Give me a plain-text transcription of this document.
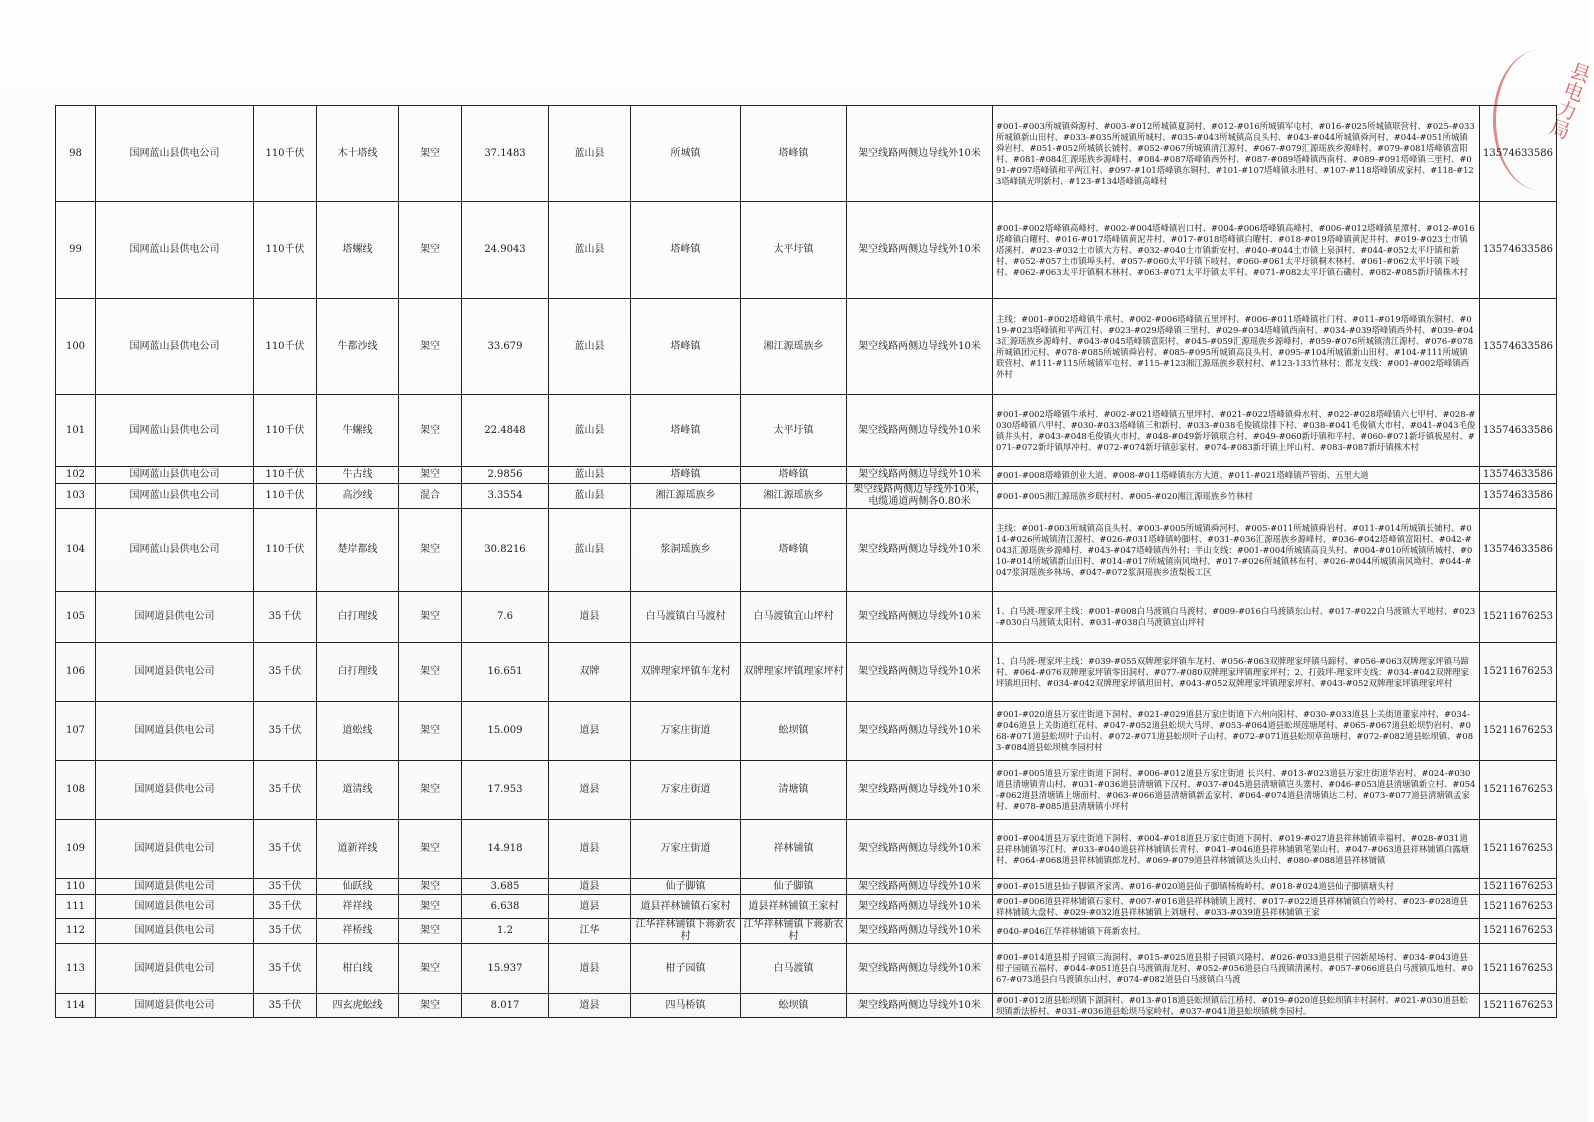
县电力局
98	国网蓝山县供电公司	110千伏	木十塔线	架空	37.1483	蓝山县	所城镇	塔峰镇	架空线路两侧边导线外10米	#001-#003所城镇舜源村、#003-#012所城镇夏洞村、#012-#016所城镇军屯村、#016-#025所城镇联营村、#025-#033所城镇新山田村、#033-#035所城镇所城村、#035-#043所城镇高良头村、#043-#044所城镇舜河村、#044-#051所城镇舜岩村、#051-#052所城镇长铺村、#052-#067所城镇清江源村、#067-#079汇源瑶族乡源峰村、#079-#081塔峰镇富阳村、#081-#084汇源瑶族乡源峰村、#084-#087塔峰镇西外村、#087-#089塔峰镇西南村、#089-#091塔峰镇三里村、#091-#097塔峰镇和平两江村、#097-#101塔峰镇东铜村、#101-#107塔峰镇永胜村、#107-#118塔峰镇成家村、#118-#123塔峰镇光明新村、#123-#134塔峰镇高峰村	13574633586
99	国网蓝山县供电公司	110千伏	塔螺线	架空	24.9043	蓝山县	塔峰镇	太平圩镇	架空线路两侧边导线外10米	#001-#002塔峰镇高峰村、#002-#004塔峰镇岩口村、#004-#006塔峰镇高峰村、#006-#012塔峰镇星潭村、#012-#016塔峰镇白曜村、#016-#017塔峰镇黄泥井村、#017-#018塔峰镇白曜村、#018-#019塔峰镇黄泥井村、#019-#023土市镇塔溪村、#023-#032土市镇大方村、#032-#040土市镇新安村、#040-#044土市镇上泉洞村、#044-#052太平圩镇和新村、#052-#057土市镇埠头村、#057-#060太平圩镇下岐村、#060-#061太平圩镇桐木林村、#061-#062太平圩镇下岐村、#062-#063太平圩镇桐木林村、#063-#071太平圩镇太平村、#071-#082太平圩镇石磡村、#082-#085新圩镇株木村	13574633586
100	国网蓝山县供电公司	110千伏	牛都沙线	架空	33.679	蓝山县	塔峰镇	湘江源瑶族乡	架空线路两侧边导线外10米	主线：#001-#002塔峰镇牛承村、#002-#006塔峰镇五里坪村、#006-#011塔峰镇社门村、#011-#019塔峰镇东铜村、#019-#023塔峰镇和平两江村、#023-#029塔峰镇三里村、#029-#034塔峰镇西南村、#034-#039塔峰镇西外村、#039-#043汇源瑶族乡源峰村、#043-#045塔峰镇富阳村、#045-#059汇源瑶族乡源峰村、#059-#076所城镇清江源村、#076-#078所城镇团元村、#078-#085所城镇舜岩村、#085-#095所城镇高良头村、#095-#104所城镇新山田村、#104-#111所城镇联营村、#111-#115所城镇军屯村、#115-#123湘江源瑶族乡联村村、#123-133竹林村；都龙支线：#001-#002塔峰镇西外村	13574633586
101	国网蓝山县供电公司	110千伏	牛螺线	架空	22.4848	蓝山县	塔峰镇	太平圩镇	架空线路两侧边导线外10米	#001-#002塔峰镇牛承村、#002-#021塔峰镇五里坪村、#021-#022塔峰镇舜水村、#022-#028塔峰镇六七甲村、#028-#030塔峰镇八甲村、#030-#033塔峰镇三和新村、#033-#038毛俊镇徐排下村、#038-#041毛俊镇大市村、#041-#043毛俊镇井头村、#043-#048毛俊镇火市村、#048-#049新圩镇联合村、#049-#060新圩镇和平村、#060-#071新圩镇板屋村、#071-#072新圩镇厚冲村、#072-#074新圩镇彭家村、#074-#083新圩镇上坪山村、#083-#087新圩镇株木村	13574633586
102	国网蓝山县供电公司	110千伏	牛古线	架空	2.9856	蓝山县	塔峰镇	塔峰镇	架空线路两侧边导线外10米	#001-#008塔峰镇创业大道、#008-#011塔峰镇东方大道、#011-#021塔峰镇芦管街、五里大道	13574633586
103	国网蓝山县供电公司	110千伏	高沙线	混合	3.3554	蓝山县	湘江源瑶族乡	湘江源瑶族乡	架空线路两侧边导线外10米，电缆通道两侧各0.80米	#001-#005湘江源瑶族乡联村村、#005-#020湘江源瑶族乡竹林村	13574633586
104	国网蓝山县供电公司	110千伏	楚岸都线	架空	30.8216	蓝山县	浆洞瑶族乡	塔峰镇	架空线路两侧边导线外10米	主线：#001-#003所城镇高良头村、#003-#005所城镇舜河村、#005-#011所城镇舜岩村、#011-#014所城镇长铺村、#014-#026所城镇清江源村、#026-#031塔峰镇岭脚村、#031-#036汇源瑶族乡源峰村、#036-#042塔峰镇富阳村、#042-#043汇源瑶族乡源峰村、#043-#047塔峰镇西外村；半山支线：#001-#004所城镇高良头村、#004-#010所城镇所城村、#010-#014所城镇新山田村、#014-#017所城镇南风坳村、#017-#026所城镇林布村、#026-#044所城镇南风坳村、#044-#047浆洞瑶族乡林场、#047-#072浆洞瑶族乡渣梨板工区	13574633586
105	国网道县供电公司	35千伏	白打理线	架空	7.6	道县	白马渡镇白马渡村	白马渡镇宜山坪村	架空线路两侧边导线外10米	1、白马渡-理家坪主线：#001-#008白马渡镇白马渡村、#009-#016白马渡镇东山村、#017-#022白马渡镇大平地村、#023-#030白马渡镇太阳村、#031-#038白马渡镇宜山坪村	15211676253
106	国网道县供电公司	35千伏	白打理线	架空	16.651	双牌	双牌理家坪镇车龙村	双牌理家坪镇理家坪村	架空线路两侧边导线外10米	1、白马渡-理家坪主线：#039-#055双牌理家坪镇车龙村、#056-#063双牌理家坪镇马蹄村、#056-#063双牌理家坪镇马蹄村、#064-#076双牌理家坪镇零田洞村、#077-#080双牌理家坪镇理家坪村；2、打鼓坪-理家坪支线：#034-#042双牌理家坪镇坦田村、#034-#042双牌理家坪镇坦田村、#043-#052双牌理家坪镇理家坪村、#043-#052双牌理家坪镇理家坪村	15211676253
107	国网道县供电公司	35千伏	道蚣线	架空	15.009	道县	万家庄街道	蚣坝镇	架空线路两侧边导线外10米	#001-#020道县万家庄街道下洞村、#021-#029道县万家庄街道下六州向阳村、#030-#033道县上关街道董家冲村、#034-#046道县上关街道红花村、#047-#052道县蚣坝大马坪、#053-#064道县蚣坝莲塘尾村、#065-#067道县蚣坝豹岩村、#068-#071道县蚣坝叶子山村、#072-#071道县蚣坝叶子山村、#072-#071道县蚣坝草鱼塘村、#072-#082道县蚣坝镇、#083-#084道县蚣坝桃李园村村	15211676253
108	国网道县供电公司	35千伏	道清线	架空	17.953	道县	万家庄街道	清塘镇	架空线路两侧边导线外10米	#001-#005道县万家庄街道下洞村、#006-#012道县万家庄街道 长兴村、#013-#023道县万家庄街道华岩村、#024-#030道县清塘镇青山村、#031-#036道县清塘镇下汉村、#037-#045道县清塘镇岂头寨村、#046-#053道县清塘镇新立村、#054-#062道县清塘镇上塘面村、#063-#066道县清塘镇新孟家村、#064-#074道县清塘镇达二村、#073-#077道县清塘镇孟家村、#078-#085道县清塘镇小坪村	15211676253
109	国网道县供电公司	35千伏	道新祥线	架空	14.918	道县	万家庄街道	祥林铺镇	架空线路两侧边导线外10米	#001-#004道县万家庄街道下洞村、#004-#018道县万家庄街道下洞村、#019-#027道县祥林铺镇幸福村、#028-#031道县祥林铺镇岑江村、#033-#040道县祥林铺镇长青村、#041-#046道县祥林铺镇笔架山村、#047-#063道县祥林铺镇白露塘村、#064-#068道县祥林铺镇郎龙村、#069-#079道县祥林铺镇达头山村、#080-#088道县祥林铺镇	15211676253
110	国网道县供电公司	35千伏	仙跃线	架空	3.685	道县	仙子脚镇	仙子脚镇	架空线路两侧边导线外10米	#001-#015道县仙子脚镇齐家湾、#016-#020道县仙子脚镇杨梅岭村、#018-#024道县仙子脚镇塘头村	15211676253
111	国网道县供电公司	35千伏	祥祥线	架空	6.638	道县	道县祥林铺镇石家村	道县祥林铺镇王家村	架空线路两侧边导线外10米	#001-#006道县祥林铺镇石家村、#007-#016道县祥林铺镇上渡村、#017-#022道县祥林铺镇白竹岭村、#023-#028道县祥林铺镇大盘村、#029-#032道县祥林铺镇上刘塘村、#033-#039道县祥林铺镇王家	15211676253
112	国网道县供电公司	35千伏	祥桥线	架空	1.2	江华	江华祥林铺镇下蒋新农村	江华祥林铺镇下蒋新农村	架空线路两侧边导线外10米	#040-#046江华祥林铺镇下蒋新农村。	15211676253
113	国网道县供电公司	35千伏	柑白线	架空	15.937	道县	柑子园镇	白马渡镇	架空线路两侧边导线外10米	#001-#014道县柑子园镇三海洞村、#015-#025道县柑子园镇兴隆村、#026-#033道县柑子园新屋场村、#034-#043道县柑子园镇五福村、#044-#051道县白马渡镇海龙村、#052-#056道县白马渡镇清溪村、#057-#066道县白马渡镇瓜地村、#067-#073道县白马渡镇东山村、#074-#082道县白马渡镇白马渡	15211676253
114	国网道县供电公司	35千伏	四玄虎蚣线	架空	8.017	道县	四马桥镇	蚣坝镇	架空线路两侧边导线外10米	#001-#012道县蚣坝镇下湖洞村、#013-#018道县蚣坝镇后江桥村、#019-#020道县蚣坝镇丰村洞村、#021-#030道县蚣坝镇新法桥村、#031-#036道县蚣坝马家岭村、#037-#041道县蚣坝镇桃李园村。	15211676253
